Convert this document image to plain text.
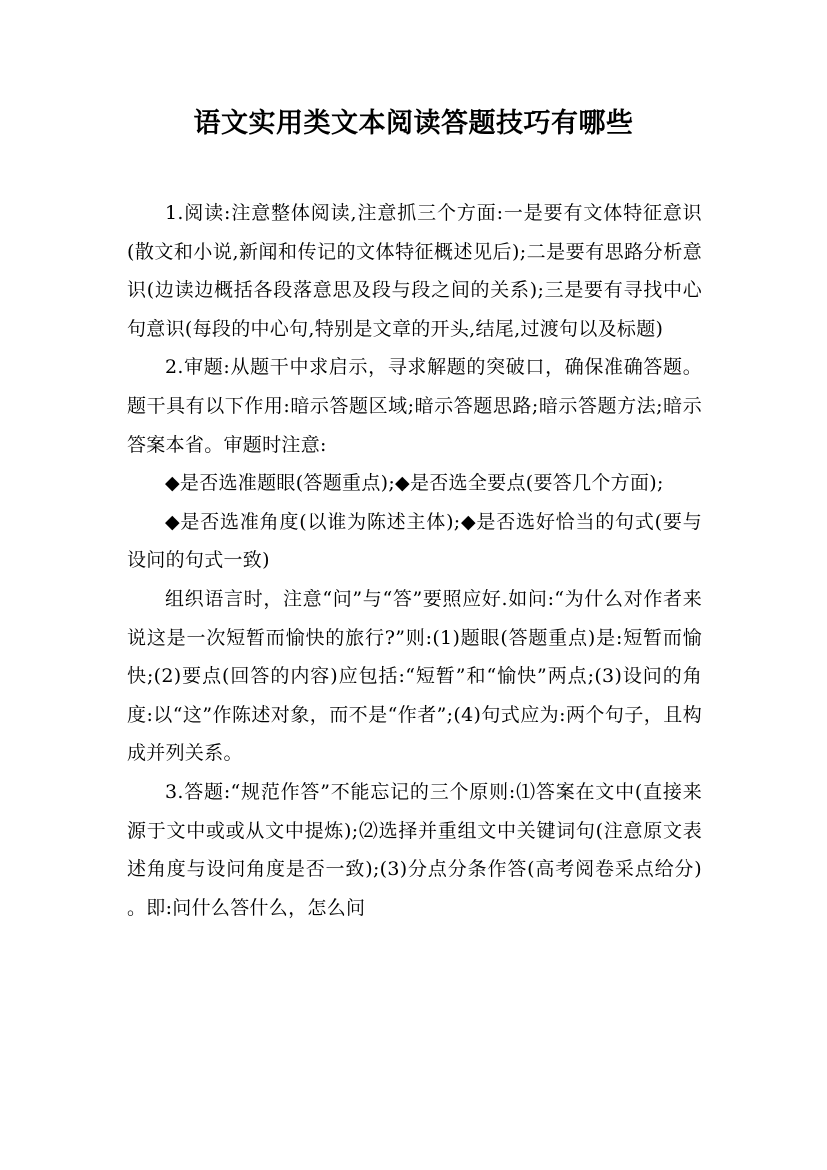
语文实用类文本阅读答题技巧有哪些

1.阅读:注意整体阅读,注意抓三个方面:一是要有文体特征意识(散文和小说,新闻和传记的文体特征概述见后);二是要有思路分析意识(边读边概括各段落意思及段与段之间的关系);三是要有寻找中心句意识(每段的中心句,特别是文章的开头,结尾,过渡句以及标题)

2.审题:从题干中求启示，寻求解题的突破口，确保准确答题。题干具有以下作用:暗示答题区域;暗示答题思路;暗示答题方法;暗示答案本省。审题时注意:

◆是否选准题眼(答题重点);◆是否选全要点(要答几个方面);

◆是否选准角度(以谁为陈述主体);◆是否选好恰当的句式(要与设问的句式一致)

组织语言时，注意“问”与“答”要照应好.如问:“为什么对作者来说这是一次短暂而愉快的旅行?”则:(1)题眼(答题重点)是:短暂而愉快;(2)要点(回答的内容)应包括:“短暂”和“愉快”两点;(3)设问的角度:以“这”作陈述对象，而不是“作者”;(4)句式应为:两个句子，且构成并列关系。

3.答题:“规范作答”不能忘记的三个原则:⑴答案在文中(直接来源于文中或或从文中提炼);⑵选择并重组文中关键词句(注意原文表述角度与设问角度是否一致);(3)分点分条作答(高考阅卷采点给分) 。即:问什么答什么，怎么问
